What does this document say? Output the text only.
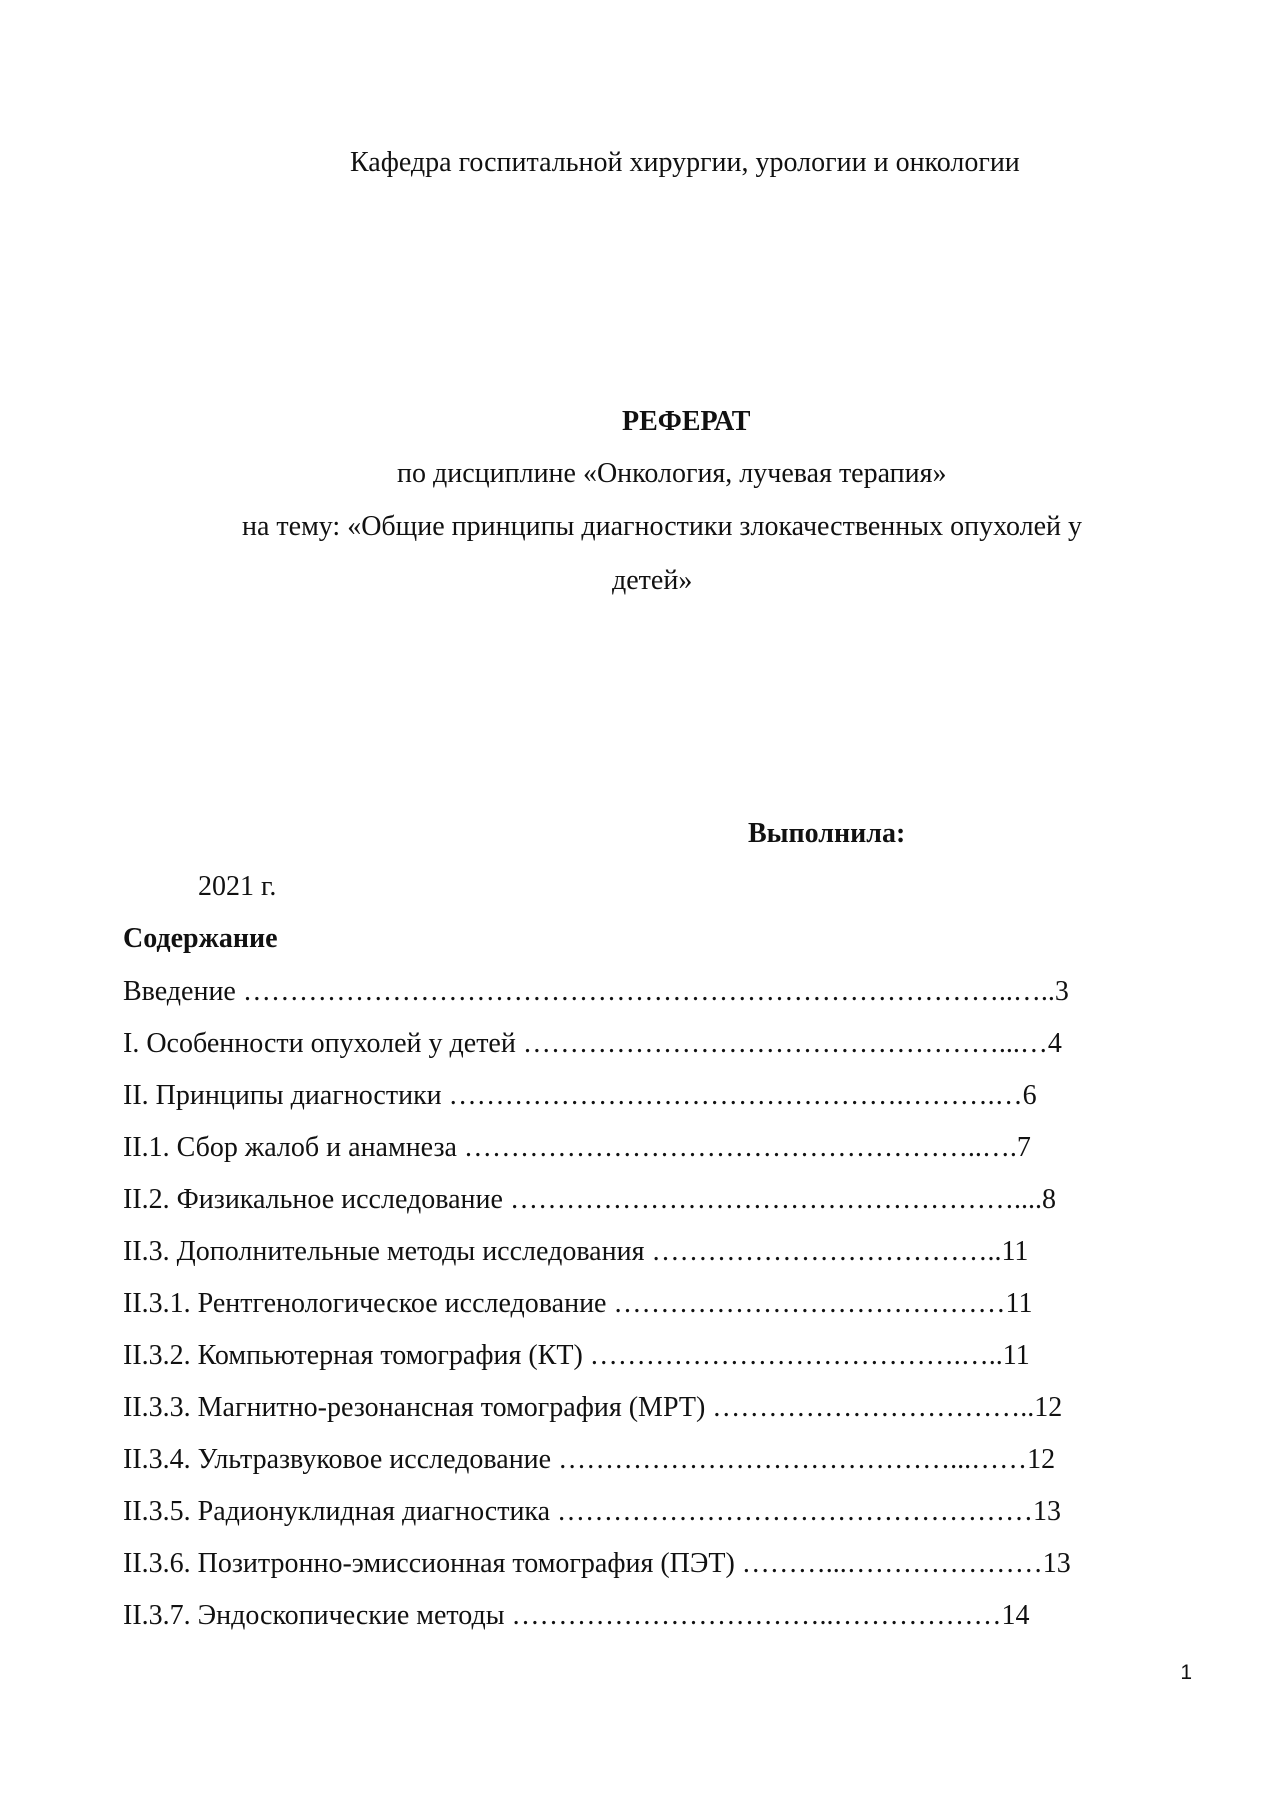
Кафедра госпитальной хирургии, урологии и онкологии
РЕФЕРАТ
по дисциплине «Онкология, лучевая терапия»
на тему: «Общие принципы диагностики злокачественных опухолей у
детей»
Выполнила:
2021 г.
Содержание
Введение ………………………………………………………………………..…..3
I. Особенности опухолей у детей ……………………………………………...…4
II. Принципы диагностики ………………………………………….……….…6
II.1. Сбор жалоб и анамнеза ………………………………………………..….7
II.2. Физикальное исследование ………………………………………………....8
II.3. Дополнительные методы исследования ………………………………..11
II.3.1. Рентгенологическое исследование ……………………………………11
II.3.2. Компьютерная томография (КТ) ………………………………….…..11
II.3.3. Магнитно-резонансная томография (МРТ) ……………………………..12
II.3.4. Ультразвуковое исследование ……………………………………...……12
II.3.5. Радионуклидная диагностика ……………………………………………13
II.3.6. Позитронно-эмиссионная томография (ПЭТ) ………...…………………13
II.3.7. Эндоскопические методы ……………………………..………………14
1
